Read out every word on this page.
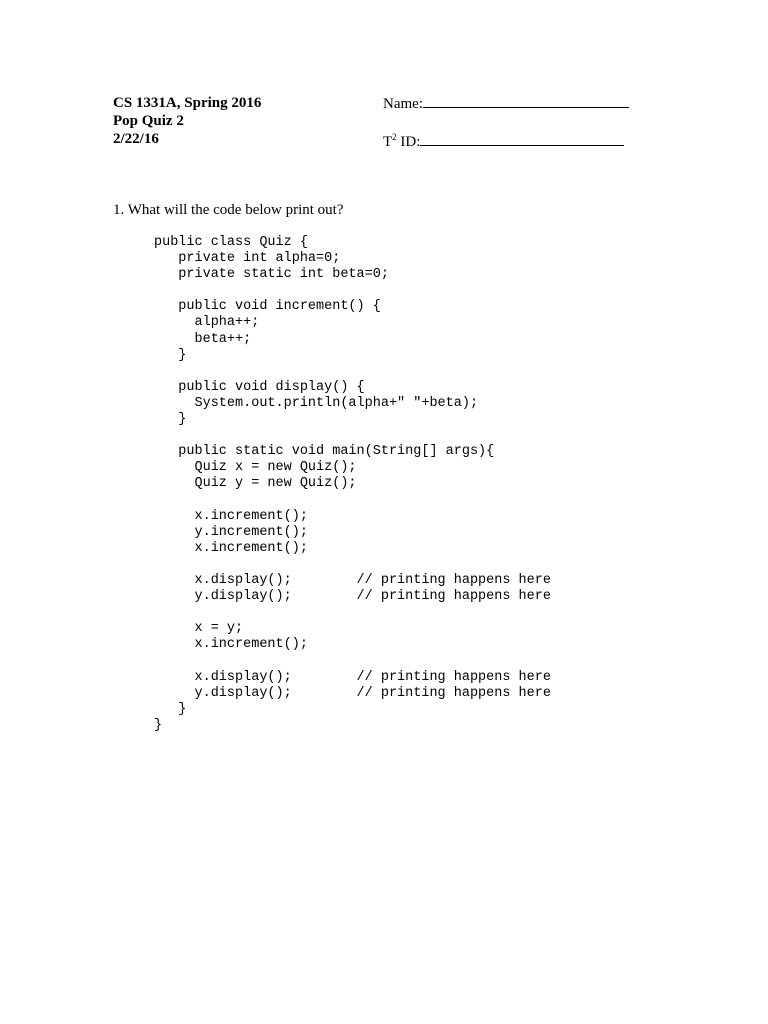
CS 1331A, Spring 2016
Pop Quiz 2
2/22/16
Name:
$T^2$ ID:
1. What will the code below print out?
public class Quiz {
private int alpha=0;
private static int beta=0;
public void increment() {
alpha++;
beta++;
}
public void display() {
System.out.println(alpha+" "+beta);
}
public static void main(String[] args){
Quiz x = new Quiz();
Quiz y = new Quiz();
x.increment();
y.increment();
x.increment();
x.display();        // printing happens here
y.display();        // printing happens here
x = y;
x.increment();
x.display();        // printing happens here
y.display();        // printing happens here
}
}
